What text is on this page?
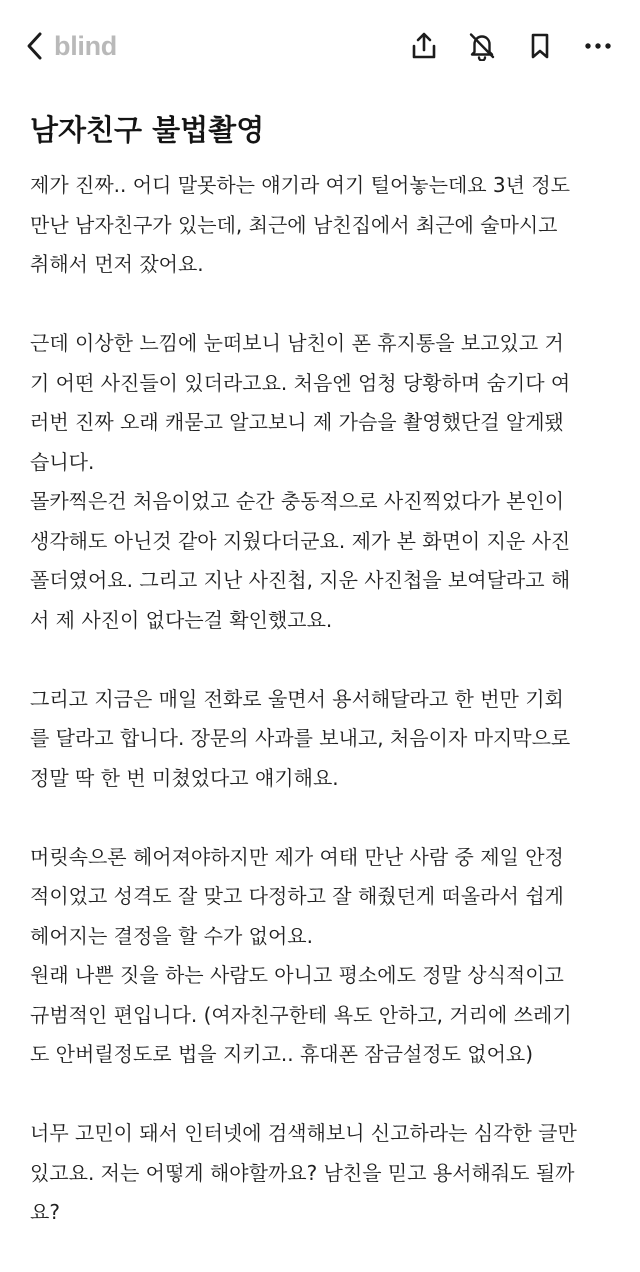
blind
남자친구 불법촬영

제가 진짜.. 어디 말못하는 얘기라 여기 털어놓는데요 3년 정도
만난 남자친구가 있는데, 최근에 남친집에서 최근에 술마시고
취해서 먼저 잤어요.

근데 이상한 느낌에 눈떠보니 남친이 폰 휴지통을 보고있고 거
기 어떤 사진들이 있더라고요. 처음엔 엄청 당황하며 숨기다 여
러번 진짜 오래 캐묻고 알고보니 제 가슴을 촬영했단걸 알게됐
습니다.
몰카찍은건 처음이었고 순간 충동적으로 사진찍었다가 본인이
생각해도 아닌것 같아 지웠다더군요. 제가 본 화면이 지운 사진
폴더였어요. 그리고 지난 사진첩, 지운 사진첩을 보여달라고 해
서 제 사진이 없다는걸 확인했고요.

그리고 지금은 매일 전화로 울면서 용서해달라고 한 번만 기회
를 달라고 합니다. 장문의 사과를 보내고, 처음이자 마지막으로
정말 딱 한 번 미쳤었다고 얘기해요.

머릿속으론 헤어져야하지만 제가 여태 만난 사람 중 제일 안정
적이었고 성격도 잘 맞고 다정하고 잘 해줬던게 떠올라서 쉽게
헤어지는 결정을 할 수가 없어요.
원래 나쁜 짓을 하는 사람도 아니고 평소에도 정말 상식적이고
규범적인 편입니다. (여자친구한테 욕도 안하고, 거리에 쓰레기
도 안버릴정도로 법을 지키고.. 휴대폰 잠금설정도 없어요)

너무 고민이 돼서 인터넷에 검색해보니 신고하라는 심각한 글만
있고요. 저는 어떻게 해야할까요? 남친을 믿고 용서해줘도 될까
요?
